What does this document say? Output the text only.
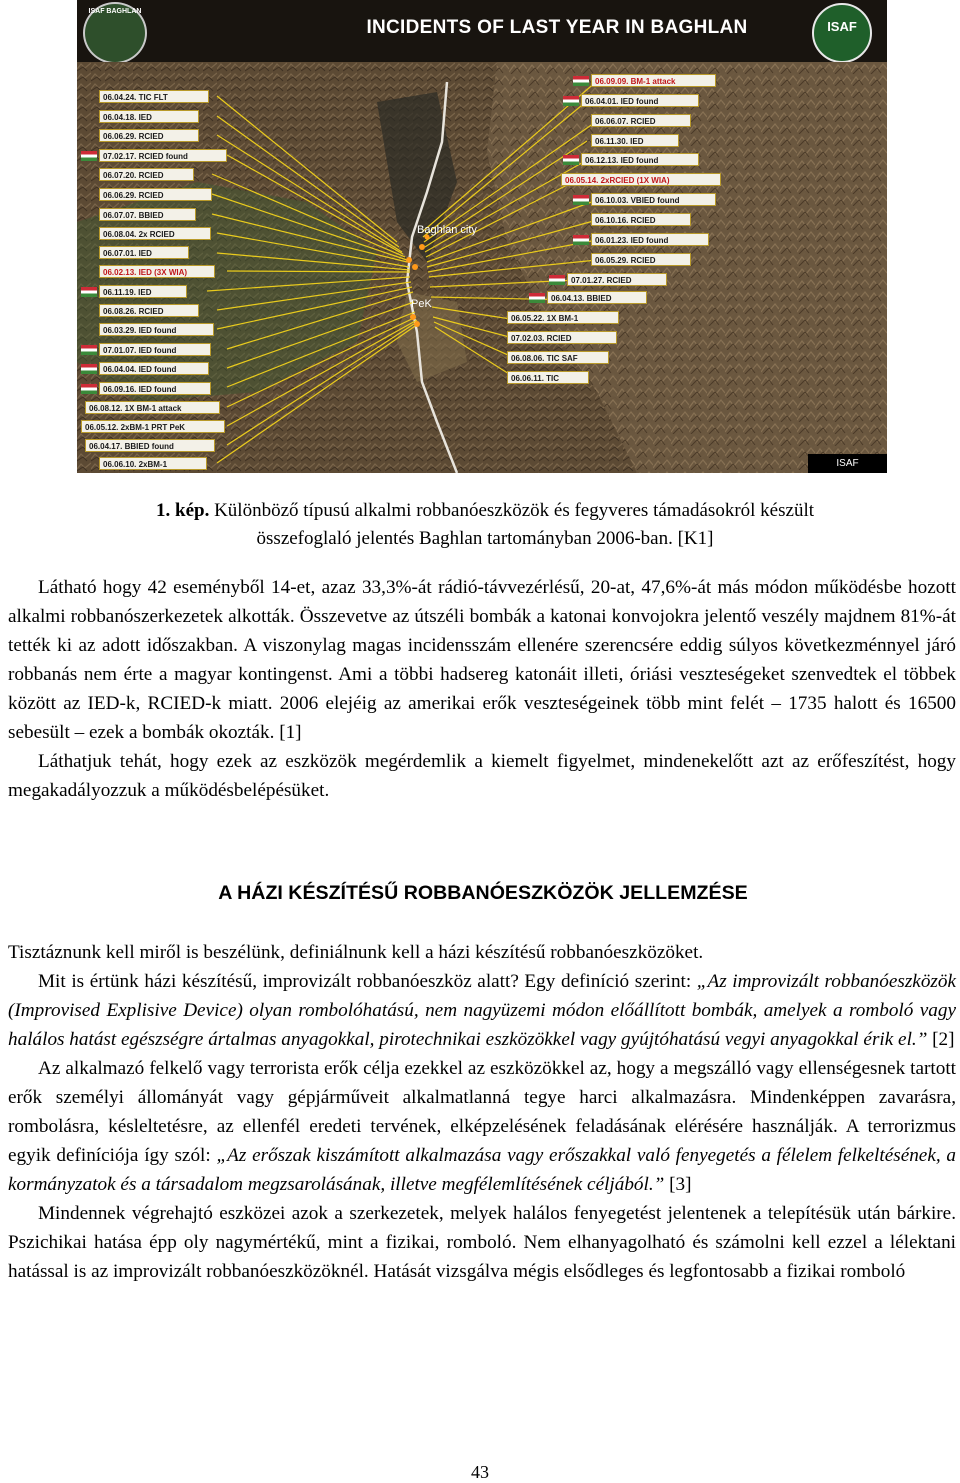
ISAF BAGHLAN
INCIDENTS OF LAST YEAR IN BAGHLAN	ISAF
Baghlan city
PeK
06.04.24. TIC FLT
06.04.18. IED
06.06.29. RCIED
07.02.17. RCIED found
06.07.20. RCIED
06.06.29. RCIED
06.07.07. BBIED
06.08.04. 2x RCIED
06.07.01. IED
06.02.13. IED (3X WIA)
06.11.19. IED
06.08.26. RCIED
06.03.29. IED found
07.01.07. IED found
06.04.04. IED found
06.09.16. IED found
06.08.12. 1X BM-1 attack
06.05.12. 2xBM-1 PRT PeK
06.04.17. BBIED found
06.06.10. 2xBM-1
06.09.09. BM-1 attack
06.04.01. IED found
06.06.07. RCIED
06.11.30. IED
06.12.13. IED found
06.05.14. 2xRCIED (1X WIA)
06.10.03. VBIED found
06.10.16. RCIED
06.01.23. IED found
06.05.29. RCIED
07.01.27. RCIED
06.04.13. BBIED
06.05.22. 1X BM-1
07.02.03. RCIED
06.08.06. TIC SAF
06.06.11. TIC
ISAF
1. kép. Különböző típusú alkalmi robbanóeszközök és fegyveres támadásokról készült
összefoglaló jelentés Baghlan tartományban 2006-ban. [K1]

Látható hogy 42 eseményből 14-et, azaz 33,3%-át rádió-távvezérlésű, 20-at, 47,6%-át más módon működésbe hozott alkalmi robbanószerkezetek alkották. Összevetve az útszéli bombák a katonai konvojokra jelentő veszély majdnem 81%-át tették ki az adott időszakban. A viszonylag magas incidensszám ellenére szerencsére eddig súlyos következménnyel járó robbanás nem érte a magyar kontingenst. Ami a többi hadsereg katonáit illeti, óriási veszteségeket szenvedtek el többek között az IED-k, RCIED-k miatt. 2006 elejéig az amerikai erők veszteségeinek több mint felét – 1735 halott és 16500 sebesült – ezek a bombák okozták. [1]

Láthatjuk tehát, hogy ezek az eszközök megérdemlik a kiemelt figyelmet, mindenekelőtt azt az erőfeszítést, hogy megakadályozzuk a működésbelépésüket.

A HÁZI KÉSZÍTÉSŰ ROBBANÓESZKÖZÖK JELLEMZÉSE

Tisztáznunk kell miről is beszélünk, definiálnunk kell a házi készítésű robbanóeszközöket.

Mit is értünk házi készítésű, improvizált robbanóeszköz alatt? Egy definíció szerint: „Az improvizált robbanóeszközök (Improvised Explisive Device) olyan rombolóhatású, nem nagyüzemi módon előállított bombák, amelyek a romboló vagy halálos hatást egészségre ártalmas anyagokkal, pirotechnikai eszközökkel vagy gyújtóhatású vegyi anyagokkal érik el.” [2]

Az alkalmazó felkelő vagy terrorista erők célja ezekkel az eszközökkel az, hogy a megszálló vagy ellenségesnek tartott erők személyi állományát vagy gépjárműveit alkalmatlanná tegye harci alkalmazásra. Mindenképpen zavarásra, rombolásra, késleltetésre, az ellenfél eredeti tervének, elképzelésének feladásának elérésére használják. A terrorizmus egyik definíciója így szól: „Az erőszak kiszámított alkalmazása vagy erőszakkal való fenyegetés a félelem felkeltésének, a kormányzatok és a társadalom megzsarolásának, illetve megfélemlítésének céljából.” [3]

Mindennek végrehajtó eszközei azok a szerkezetek, melyek halálos fenyegetést jelentenek a telepítésük után bárkire. Pszichikai hatása épp oly nagymértékű, mint a fizikai, romboló. Nem elhanyagolható és számolni kell ezzel a lélektani hatással is az improvizált robbanóeszközöknél. Hatását vizsgálva mégis elsődleges és legfontosabb a fizikai romboló

43
